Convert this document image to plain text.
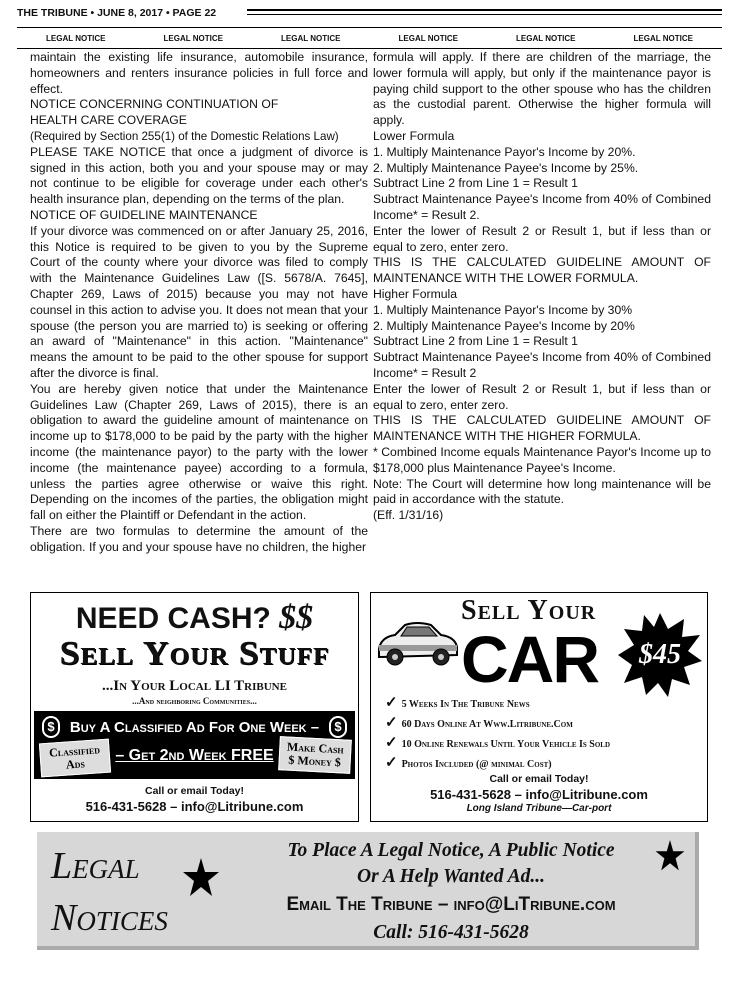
THE TRIBUNE • JUNE 8, 2017 • PAGE 22
LEGAL NOTICE	LEGAL NOTICE	LEGAL NOTICE	LEGAL NOTICE	LEGAL NOTICE	LEGAL NOTICE

maintain the existing life insurance, automobile insurance, homeowners and renters insurance policies in full force and effect.

NOTICE CONCERNING CONTINUATION OF

HEALTH CARE COVERAGE

(Required by Section 255(1) of the Domestic Relations Law)

PLEASE TAKE NOTICE that once a judgment of divorce is signed in this action, both you and your spouse may or may not continue to be eligible for coverage under each other's health insurance plan, depending on the terms of the plan.

NOTICE OF GUIDELINE MAINTENANCE

If your divorce was commenced on or after January 25, 2016, this Notice is required to be given to you by the Supreme Court of the county where your divorce was filed to comply with the Maintenance Guidelines Law ([S. 5678/A. 7645], Chapter 269, Laws of 2015) because you may not have counsel in this action to advise you. It does not mean that your spouse (the person you are married to) is seeking or offering an award of "Maintenance" in this action. "Maintenance" means the amount to be paid to the other spouse for support after the divorce is final.

You are hereby given notice that under the Maintenance Guidelines Law (Chapter 269, Laws of 2015), there is an obligation to award the guideline amount of maintenance on income up to $178,000 to be paid by the party with the higher income (the maintenance payor) to the party with the lower income (the maintenance payee) according to a formula, unless the parties agree otherwise or waive this right. Depending on the incomes of the parties, the obligation might fall on either the Plaintiff or Defendant in the action.

There are two formulas to determine the amount of the obligation. If you and your spouse have no children, the higher

formula will apply. If there are children of the marriage, the lower formula will apply, but only if the maintenance payor is paying child support to the other spouse who has the children as the custodial parent. Otherwise the higher formula will apply.

Lower Formula

1. Multiply Maintenance Payor's Income by 20%.

2. Multiply Maintenance Payee's Income by 25%.

Subtract Line 2 from Line 1 = Result 1

Subtract Maintenance Payee's Income from 40% of Combined Income* = Result 2.

Enter the lower of Result 2 or Result 1, but if less than or equal to zero, enter zero.

THIS IS THE CALCULATED GUIDELINE AMOUNT OF MAINTENANCE WITH THE LOWER FORMULA.

Higher Formula

1. Multiply Maintenance Payor's Income by 30%

2. Multiply Maintenance Payee's Income by 20%

Subtract Line 2 from Line 1 = Result 1

Subtract Maintenance Payee's Income from 40% of Combined Income* = Result 2

Enter the lower of Result 2 or Result 1, but if less than or equal to zero, enter zero.

THIS IS THE CALCULATED GUIDELINE AMOUNT OF MAINTENANCE WITH THE HIGHER FORMULA.

* Combined Income equals Maintenance Payor's Income up to $178,000 plus Maintenance Payee's Income.

Note: The Court will determine how long maintenance will be paid in accordance with the statute.

(Eff. 1/31/16)

NEED CASH? $$
Sell Your Stuff
...In Your Local LI Tribune
...And neighboring Communities...
$	$
Buy A Classified Ad For One Week –
– Get 2nd Week FREE
Classified Ads
Make Cash $ Money $
Call or email Today!
516-431-5628 – info@Litribune.com
Sell Your
CAR	$45
✓ 5 Weeks In The Tribune News
✓ 60 Days Online At Www.Litribune.Com
✓ 10 Online Renewals Until Your Vehicle Is Sold
✓ Photos Included (@ minimal Cost)
Call or email Today!
516-431-5628 – info@Litribune.com
Long Island Tribune—Car-port
Legal
Notices
To Place A Legal Notice, A Public Notice
Or A Help Wanted Ad...
Email The Tribune – info@LiTribune.com
Call: 516-431-5628
